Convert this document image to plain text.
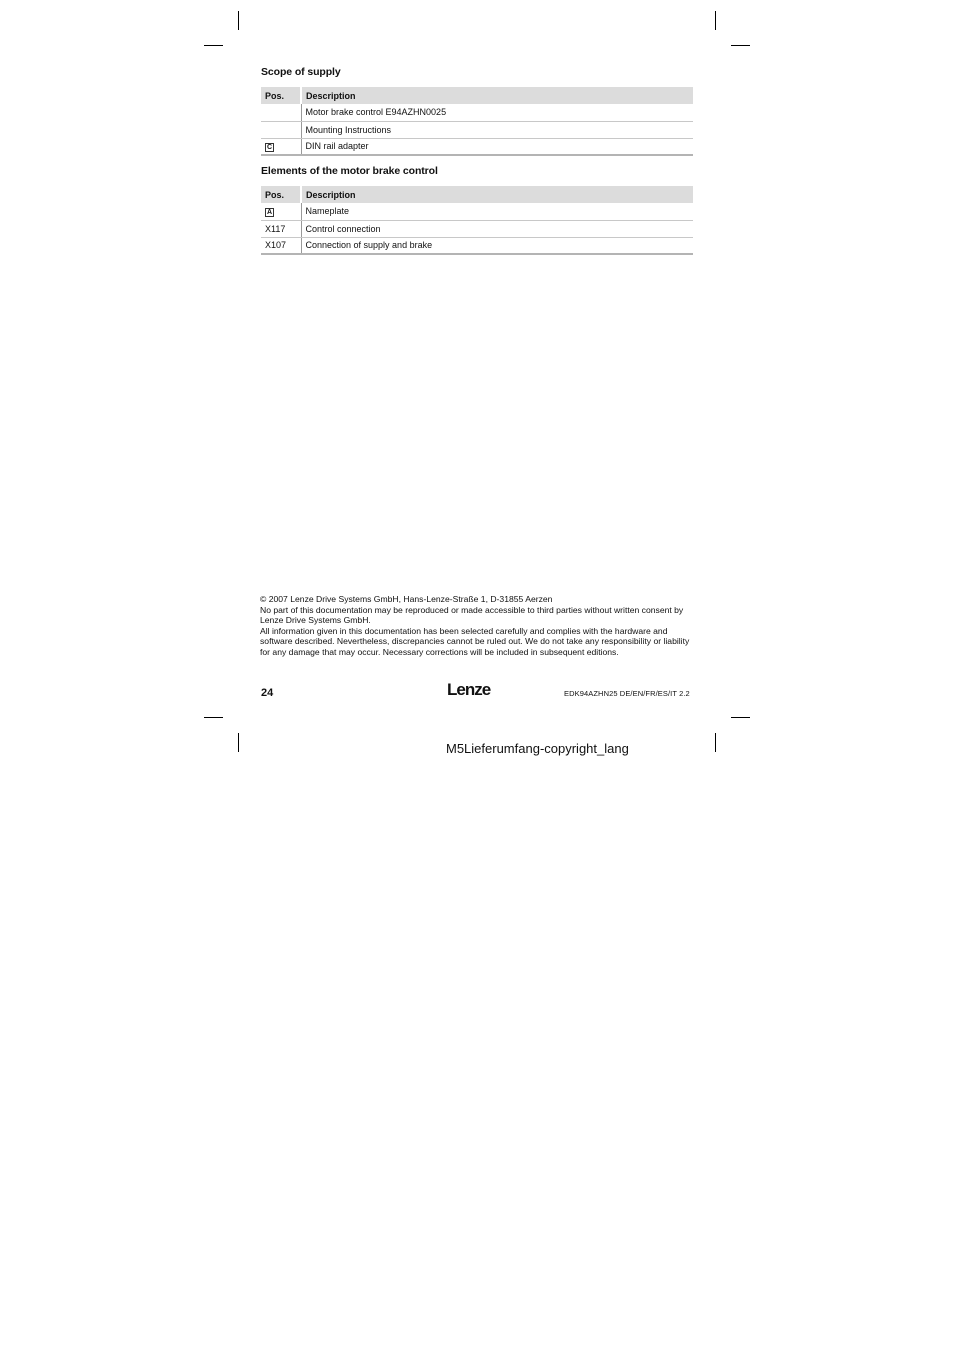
Scope of supply
Pos.	Description
	Motor brake control E94AZHN0025
	Mounting Instructions
C	DIN rail adapter
Elements of the motor brake control
Pos.	Description
A	Nameplate
X117	Control connection
X107	Connection of supply and brake

© 2007 Lenze Drive Systems GmbH, Hans-Lenze-Straße 1, D-31855 Aerzen

No part of this documentation may be reproduced or made accessible to third parties without written consent by Lenze Drive Systems GmbH.

All information given in this documentation has been selected carefully and complies with the hardware and software described. Nevertheless, discrepancies cannot be ruled out. We do not take any responsibility or liability for any damage that may occur. Necessary corrections will be included in subsequent editions.

24	Lenze	EDK94AZHN25 DE/EN/FR/ES/IT 2.2
M5Lieferumfang-copyright_lang
